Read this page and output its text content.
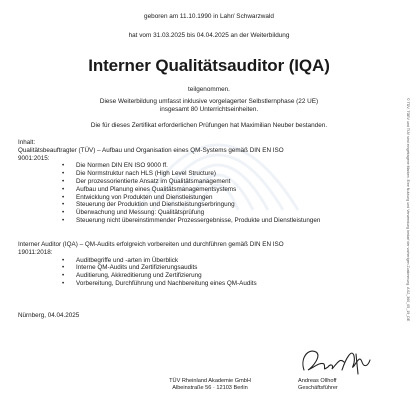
geboren am 11.10.1990 in Lahr/ Schwarzwald
hat vom 31.03.2025 bis 04.04.2025 an der Weiterbildung
Interner Qualitätsauditor (IQA)
teilgenommen.
Diese Weiterbildung umfasst inklusive vorgelagerter Selbstlernphase (22 UE)
insgesamt 80 Unterrichtseinheiten.
Die für dieses Zertifikat erforderlichen Prüfungen hat Maximilian Neuber bestanden.
Inhalt:
Qualitätsbeauftragter (TÜV) – Aufbau und Organisation eines QM-Systems gemäß DIN EN ISO
9001:2015:
• Die Normen DIN EN ISO 9000 ff.
• Die Normstruktur nach HLS (High Level Structure)
• Der prozessorientierte Ansatz im Qualitätsmanagement
• Aufbau und Planung eines Qualitätsmanagementsystems
• Entwicklung von Produkten und Dienstleistungen
• Steuerung der Produktion und Dienstleistungserbringung
• Überwachung und Messung: Qualitätsprüfung
• Steuerung nicht übereinstimmender Prozessergebnisse, Produkte und Dienstleistungen
Interner Auditor (IQA) – QM-Audits erfolgreich vorbereiten und durchführen gemäß DIN EN ISO
19011:2018:
• Auditbegriffe und -arten im Überblick
• Interne QM-Audits und Zertifizierungsaudits
• Auditierung, Akkreditierung und Zertifizierung
• Vorbereitung, Durchführung und Nachbereitung eines QM-Audits
Nürnberg, 04.04.2025
TÜV Rheinland Akademie GmbH
Albeinstraße 56 · 12103 Berlin
Andreas Ollhoff
Geschäftsführer
© TÜV, TÜEV und TUV sind eingetragene Marken. Eine Nutzung und Verwendung bedarf der vorherigen Zustimmung. A 02_360_05_19_DE
